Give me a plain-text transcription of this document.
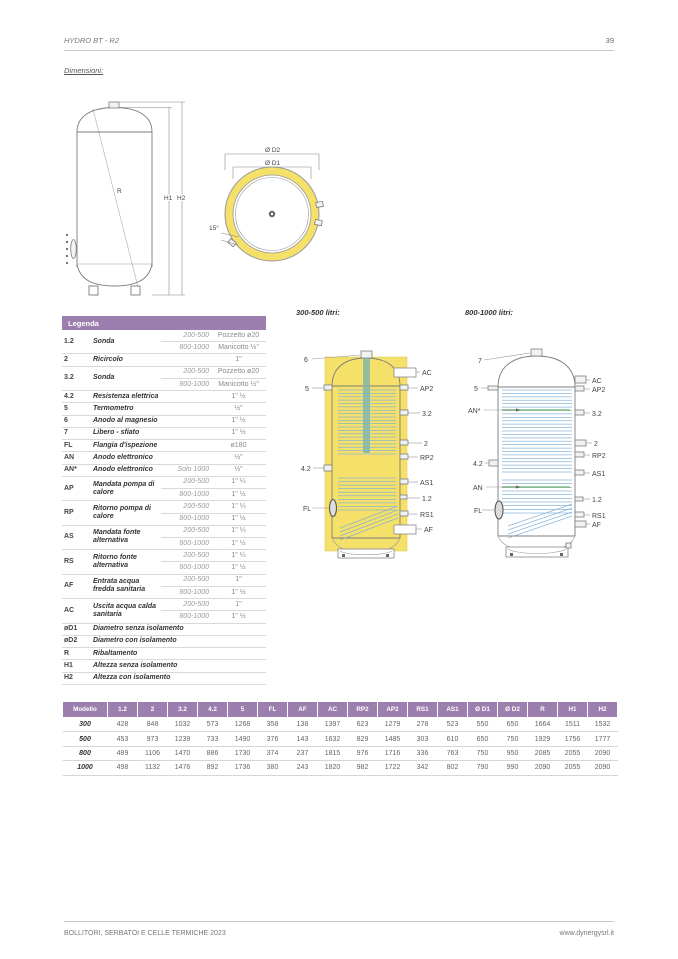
HYDRO BT - R2	39
Dimensioni:
R
H1 H2
Ø D2
Ø D1
15°
Legenda
1.2	Sonda	200-500	Pozzetto ø20
		800-1000	Manicotto ½"
2	Ricircolo		1"
3.2	Sonda	200-500	Pozzetto ø20
		800-1000	Manicotto ½"
4.2	Resistenza elettrica		1" ½
5	Termometro		½"
6	Anodo al magnesio		1" ½
7	Libero - sfiato		1" ½
FL	Flangia d'ispezione		ø180
AN	Anodo elettronico		½"
AN*	Anodo elettronico	Solo 1000	½"
AP	Mandata pompa di calore	200-500	1" ¼
		800-1000	1" ½
RP	Ritorno pompa di calore	200-500	1" ¼
		800-1000	1" ½
AS	Mandata fonte alternativa	200-500	1" ¼
		800-1000	1" ½
RS	Ritorno fonte alternativa	200-500	1" ¼
		800-1000	1" ½
AF	Entrata acqua fredda sanitaria	200-500	1"
		800-1000	1" ½
AC	Uscita acqua calda sanitaria	200-500	1"
		800-1000	1" ½
øD1	Diametro senza isolamento		
øD2	Diametro con isolamento		
R	Ribaltamento		
H1	Altezza senza isolamento		
H2	Altezza con isolamento		
300-500 litri:
6
5
4.2
FL
AC
AP2
3.2
2
RP2
AS1
1.2
RS1
AF
800-1000 litri:
7
5
AN*
4.2
AN
FL
AC
AP2
3.2
2
RP2
AS1
1.2
RS1
AF
Modello	1.2	2	3.2	4.2	5	FL	AF	AC	RP2	AP2	RS1	AS1	Ø D1	Ø D2	R	H1	H2
300	428	848	1032	573	1268	358	138	1397	623	1279	278	523	550	650	1664	1511	1532
500	453	973	1239	733	1490	376	143	1632	829	1485	303	610	650	750	1929	1756	1777
800	489	1106	1470	886	1730	374	237	1815	976	1716	336	763	750	950	2085	2055	2090
1000	498	1132	1476	892	1736	380	243	1820	982	1722	342	802	790	990	2090	2055	2090
BOLLITORI, SERBATOI E CELLE TERMICHE 2023	www.dynergysrl.it
